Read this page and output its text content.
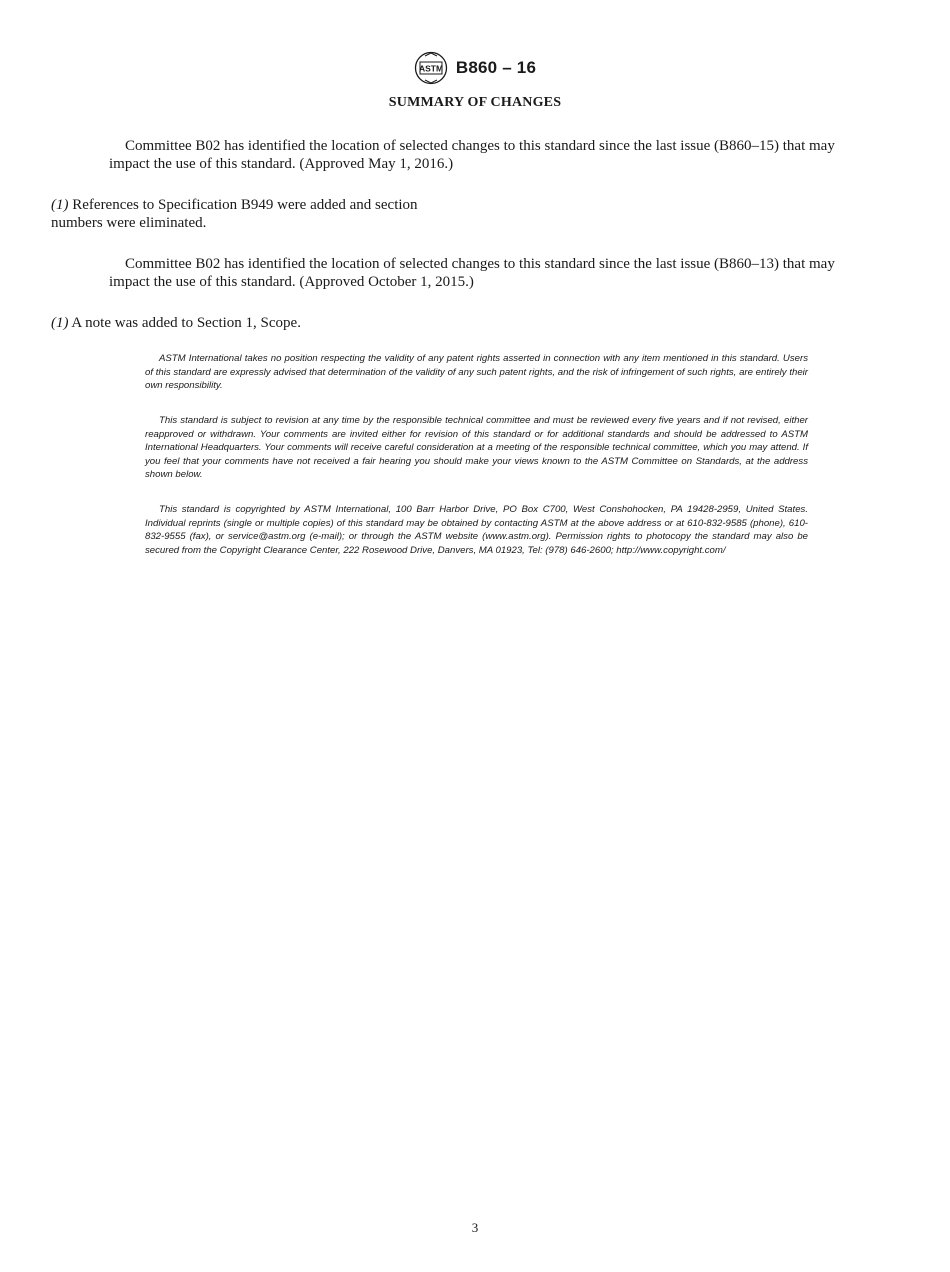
ASTM B860 – 16
SUMMARY OF CHANGES

Committee B02 has identified the location of selected changes to this standard since the last issue (B860–15) that may impact the use of this standard. (Approved May 1, 2016.)

(1) References to Specification B949 were added and section
numbers were eliminated.

Committee B02 has identified the location of selected changes to this standard since the last issue (B860–13) that may impact the use of this standard. (Approved October 1, 2015.)

(1) A note was added to Section 1, Scope.

ASTM International takes no position respecting the validity of any patent rights asserted in connection with any item mentioned in this standard. Users of this standard are expressly advised that determination of the validity of any such patent rights, and the risk of infringement of such rights, are entirely their own responsibility.

This standard is subject to revision at any time by the responsible technical committee and must be reviewed every five years and if not revised, either reapproved or withdrawn. Your comments are invited either for revision of this standard or for additional standards and should be addressed to ASTM International Headquarters. Your comments will receive careful consideration at a meeting of the responsible technical committee, which you may attend. If you feel that your comments have not received a fair hearing you should make your views known to the ASTM Committee on Standards, at the address shown below.

This standard is copyrighted by ASTM International, 100 Barr Harbor Drive, PO Box C700, West Conshohocken, PA 19428-2959, United States. Individual reprints (single or multiple copies) of this standard may be obtained by contacting ASTM at the above address or at 610-832-9585 (phone), 610-832-9555 (fax), or service@astm.org (e-mail); or through the ASTM website (www.astm.org). Permission rights to photocopy the standard may also be secured from the Copyright Clearance Center, 222 Rosewood Drive, Danvers, MA 01923, Tel: (978) 646-2600; http://www.copyright.com/

3
